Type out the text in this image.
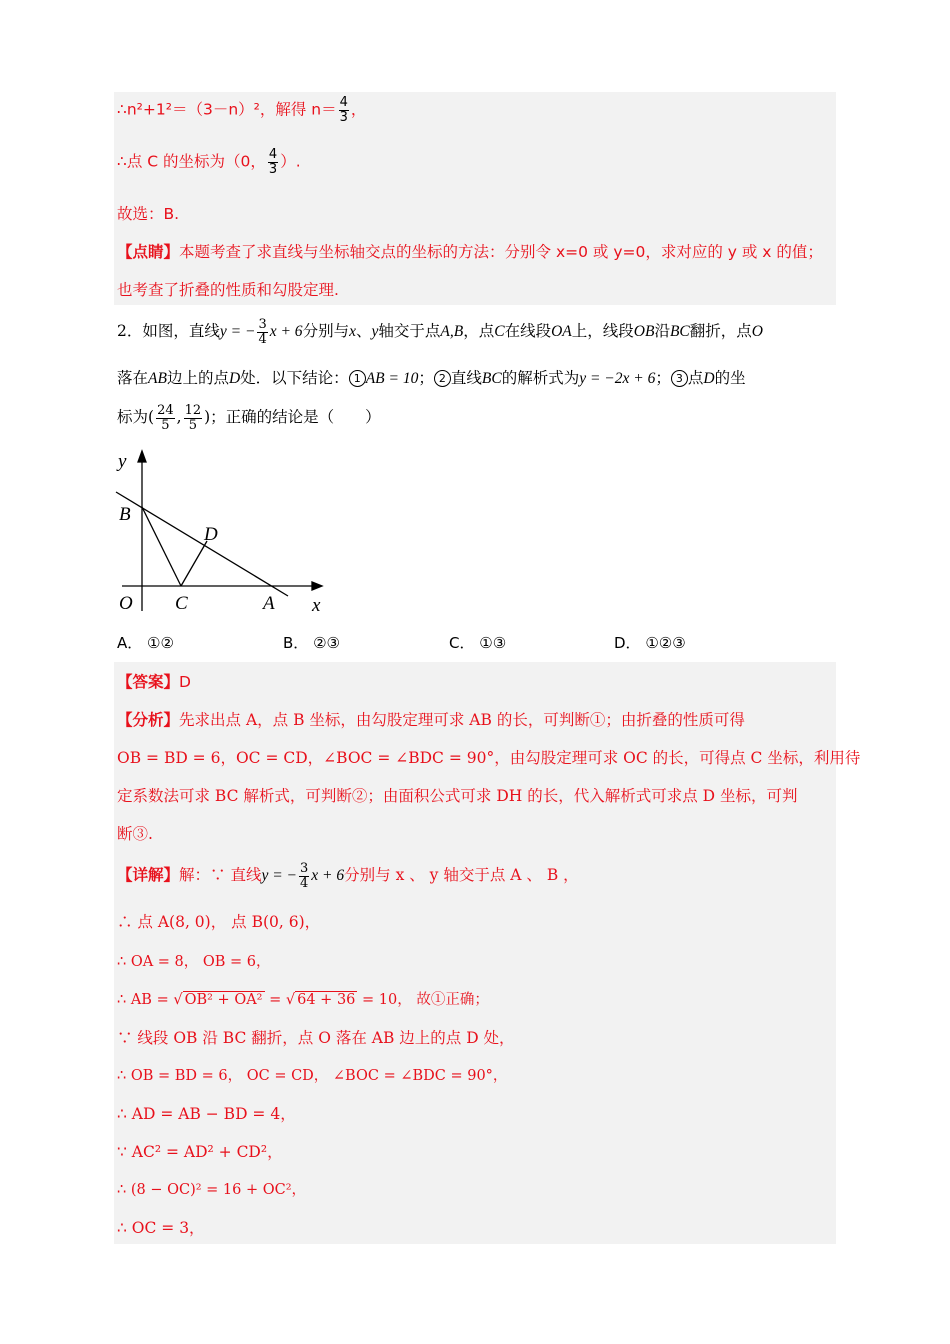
∴n²+1²＝（3－n）²，解得 $n= \frac{4}{3}$ ，
∴点 C 的坐标为（0， $\frac{4}{3}$ ）.
故选：B.
【点睛】本题考查了求直线与坐标轴交点的坐标的方法：分别令 x=0 或 y=0，求对应的 y 或 x 的值；
也考查了折叠的性质和勾股定理.
2．如图，直线y = − $\frac{3}{4}$ x + 6分别与x、y轴交于点A,B，点C在线段OA上，线段OB沿BC翻折，点O
落在AB边上的点D处．以下结论： 1 AB = 10； 2 直线BC的解析式为y = −2x + 6； 3 点D的坐
标为( $\frac{24}{5}$ , $\frac{12}{5}$ )；正确的结论是（　　）
y
B
D
O C	A x
A． ①②	B． ②③	C． ①③	D． ①②③
【答案】D
【分析】先求出点 A，点 B 坐标，由勾股定理可求 AB 的长，可判断①；由折叠的性质可得
OB = BD = 6，OC = CD，∠BOC = ∠BDC = 90°，由勾股定理可求 OC 的长，可得点 C 坐标，利用待
定系数法可求 BC 解析式，可判断②；由面积公式可求 DH 的长，代入解析式可求点 D 坐标，可判
断③.
【详解】解：∵ 直线y = − $\frac{3}{4}$ x + 6分别与 x 、 y 轴交于点 A 、 B ，
∴ 点 A(8, 0)， 点 B(0, 6)，
∴ OA = 8， OB = 6，
∴ AB = √ OB² + OA² = √ 64 + 36 = 10， 故①正确；
∵ 线段 OB 沿 BC 翻折，点 O 落在 AB 边上的点 D 处，
∴ OB = BD = 6， OC = CD， ∠BOC = ∠BDC = 90°，
∴ AD = AB − BD = 4，
∵ AC² = AD² + CD²，
∴ (8 − OC)² = 16 + OC²，
∴ OC = 3，
